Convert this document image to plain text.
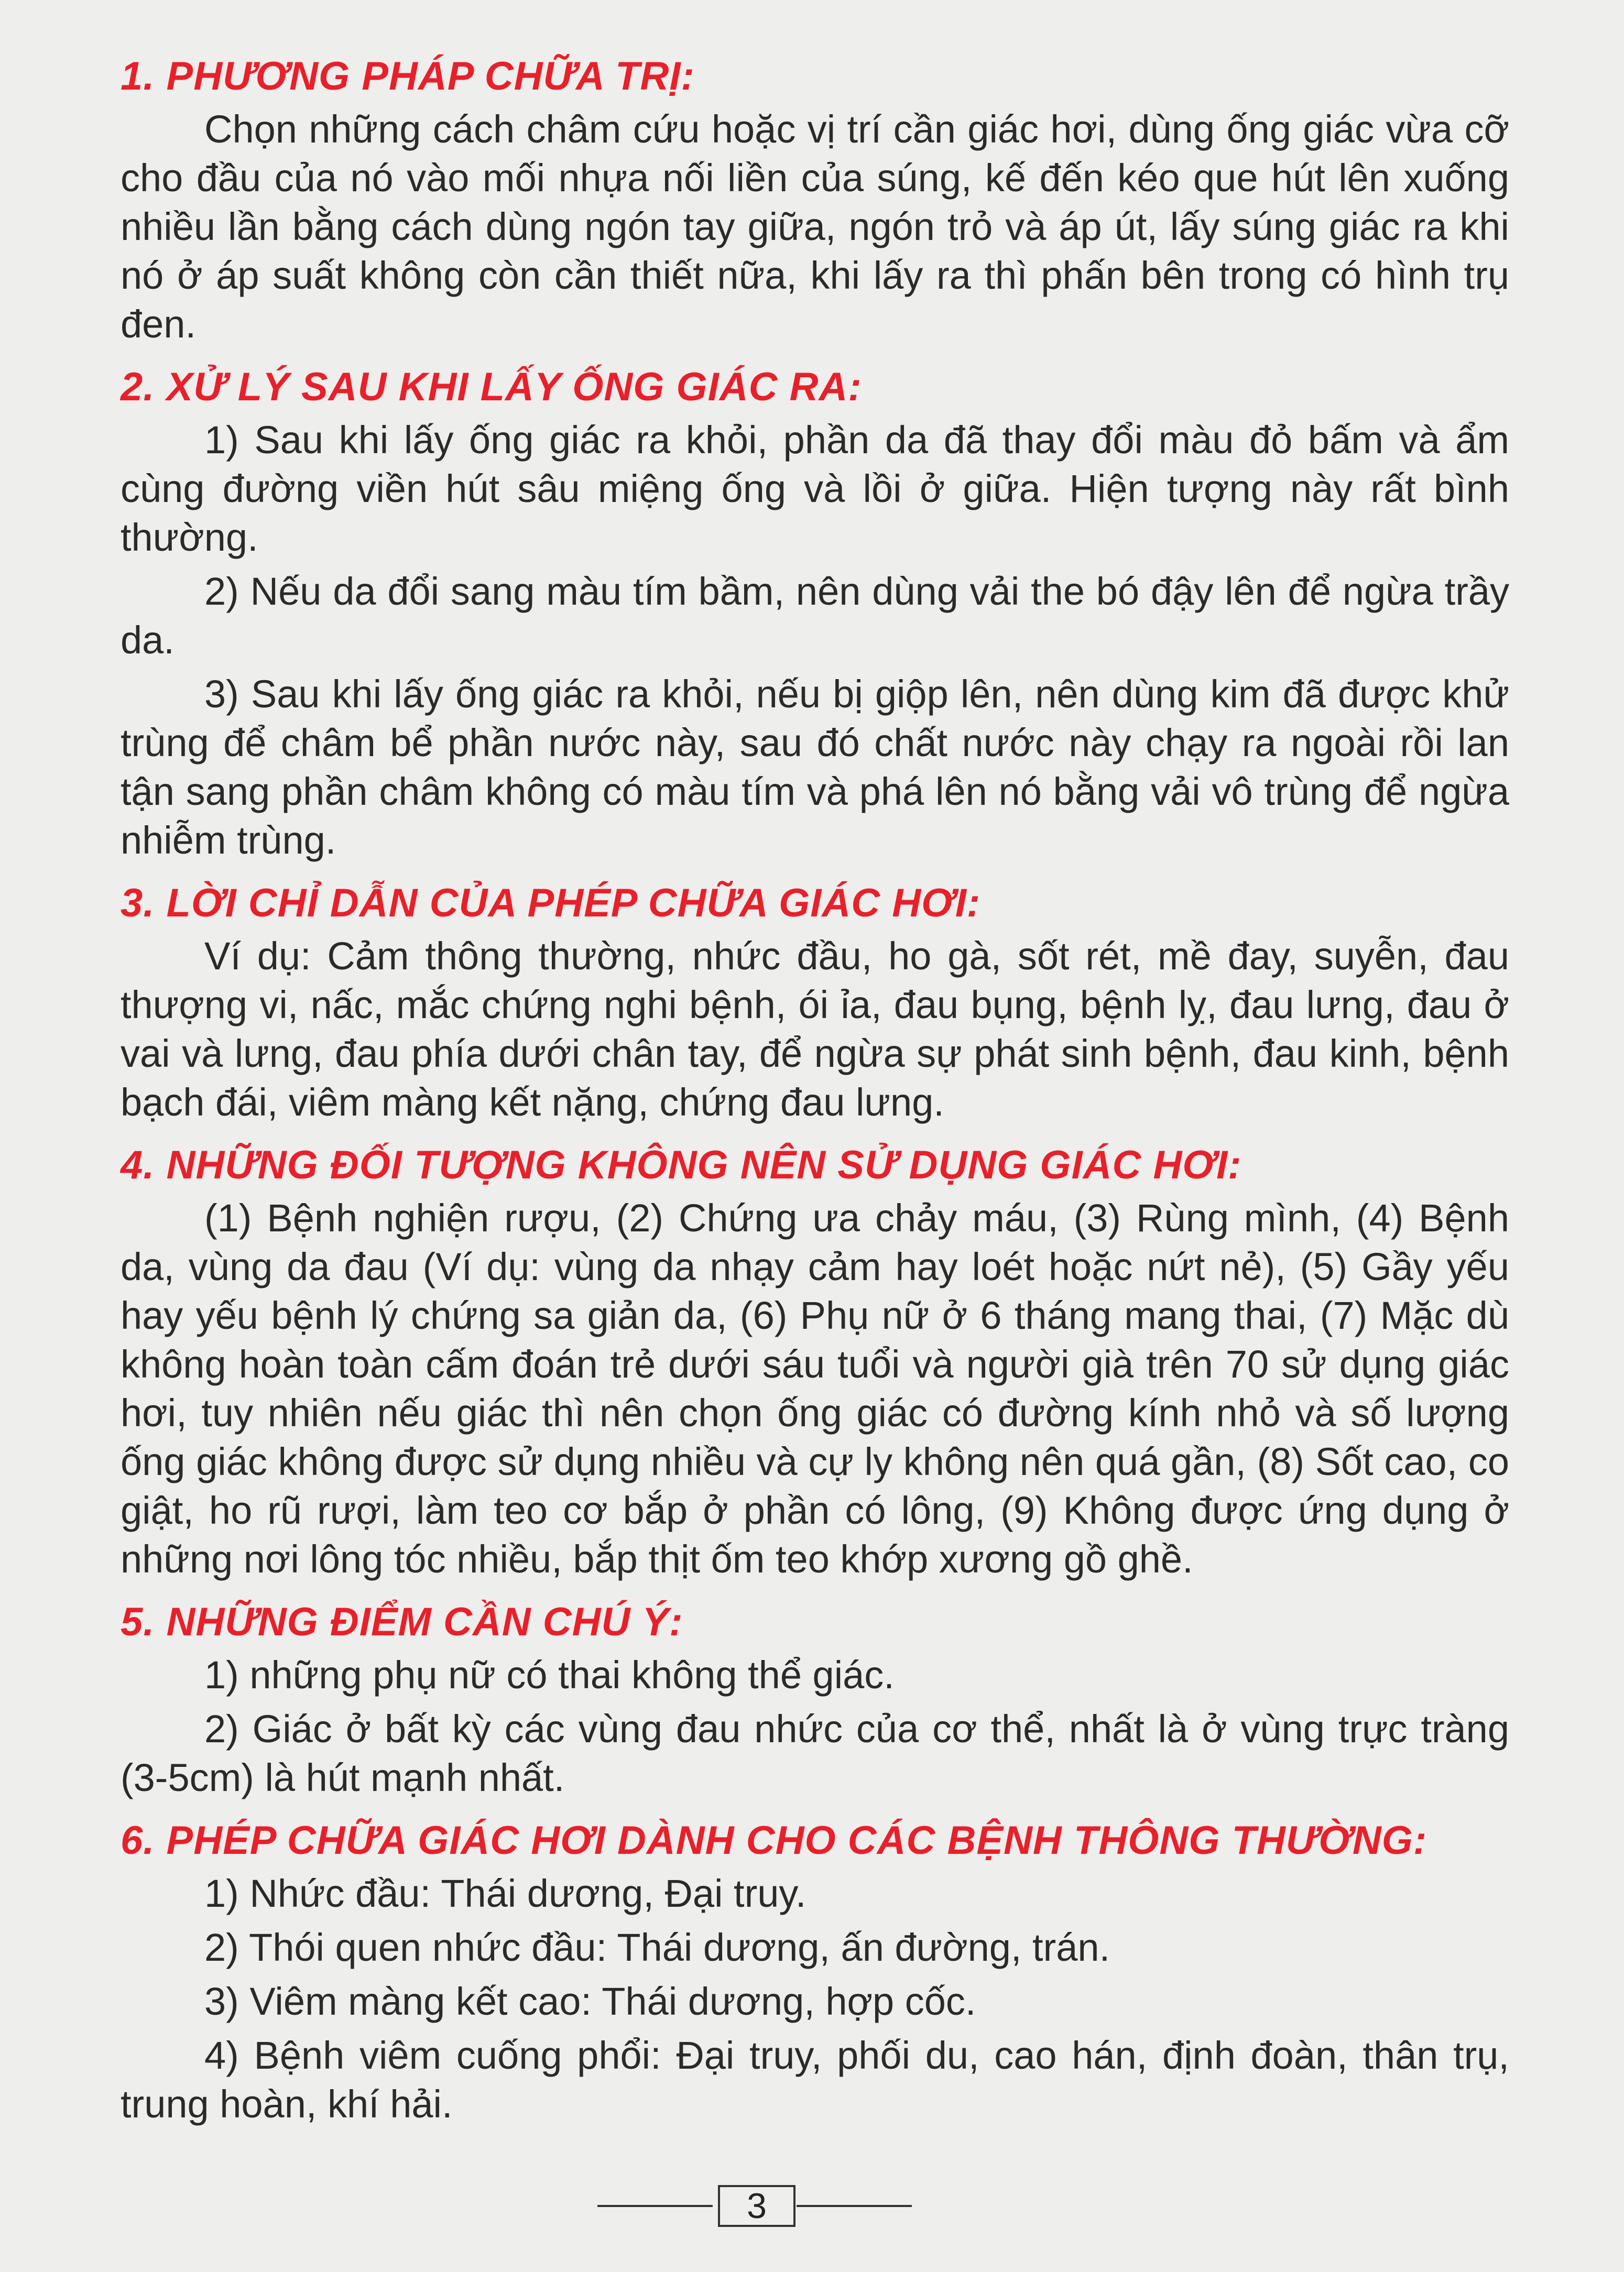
1. PHƯƠNG PHÁP CHỮA TRỊ:

Chọn những cách châm cứu hoặc vị trí cần giác hơi, dùng ống giác vừa cỡ cho đầu của nó vào mối nhựa nối liền của súng, kế đến kéo que hút lên xuống nhiều lần bằng cách dùng ngón tay giữa, ngón trỏ và áp út, lấy súng giác ra khi nó ở áp suất không còn cần thiết nữa, khi lấy ra thì phấn bên trong có hình trụ đen.

2. XỬ LÝ SAU KHI LẤY ỐNG GIÁC RA:

1) Sau khi lấy ống giác ra khỏi, phần da đã thay đổi màu đỏ bấm và ẩm cùng đường viền hút sâu miệng ống và lồi ở giữa. Hiện tượng này rất bình thường.

2) Nếu da đổi sang màu tím bầm, nên dùng vải the bó đậy lên để ngừa trầy da.

3) Sau khi lấy ống giác ra khỏi, nếu bị giộp lên, nên dùng kim đã được khử trùng để châm bể phần nước này, sau đó chất nước này chạy ra ngoài rồi lan tận sang phần châm không có màu tím và phá lên nó bằng vải vô trùng để ngừa nhiễm trùng.

3. LỜI CHỈ DẪN CỦA PHÉP CHỮA GIÁC HƠI:

Ví dụ: Cảm thông thường, nhức đầu, ho gà, sốt rét, mề đay, suyễn, đau thượng vi, nấc, mắc chứng nghi bệnh, ói ỉa, đau bụng, bệnh lỵ, đau lưng, đau ở vai và lưng, đau phía dưới chân tay, để ngừa sự phát sinh bệnh, đau kinh, bệnh bạch đái, viêm màng kết nặng, chứng đau lưng.

4. NHỮNG ĐỐI TƯỢNG KHÔNG NÊN SỬ DỤNG GIÁC HƠI:

(1) Bệnh nghiện rượu, (2) Chứng ưa chảy máu, (3) Rùng mình, (4) Bệnh da, vùng da đau (Ví dụ: vùng da nhạy cảm hay loét hoặc nứt nẻ), (5) Gầy yếu hay yếu bệnh lý chứng sa giản da, (6) Phụ nữ ở 6 tháng mang thai, (7) Mặc dù không hoàn toàn cấm đoán trẻ dưới sáu tuổi và người già trên 70 sử dụng giác hơi, tuy nhiên nếu giác thì nên chọn ống giác có đường kính nhỏ và số lượng ống giác không được sử dụng nhiều và cự ly không nên quá gần, (8) Sốt cao, co giật, ho rũ rượi, làm teo cơ bắp ở phần có lông, (9) Không được ứng dụng ở những nơi lông tóc nhiều, bắp thịt ốm teo khớp xương gồ ghề.

5. NHỮNG ĐIỂM CẦN CHÚ Ý:

1) những phụ nữ có thai không thể giác.

2) Giác ở bất kỳ các vùng đau nhức của cơ thể, nhất là ở vùng trực tràng (3-5cm) là hút mạnh nhất.

6. PHÉP CHỮA GIÁC HƠI DÀNH CHO CÁC BỆNH THÔNG THƯỜNG:

1) Nhức đầu: Thái dương, Đại truy.

2) Thói quen nhức đầu: Thái dương, ấn đường, trán.

3) Viêm màng kết cao: Thái dương, hợp cốc.

4) Bệnh viêm cuống phổi: Đại truy, phối du, cao hán, định đoàn, thân trụ, trung hoàn, khí hải.

3
